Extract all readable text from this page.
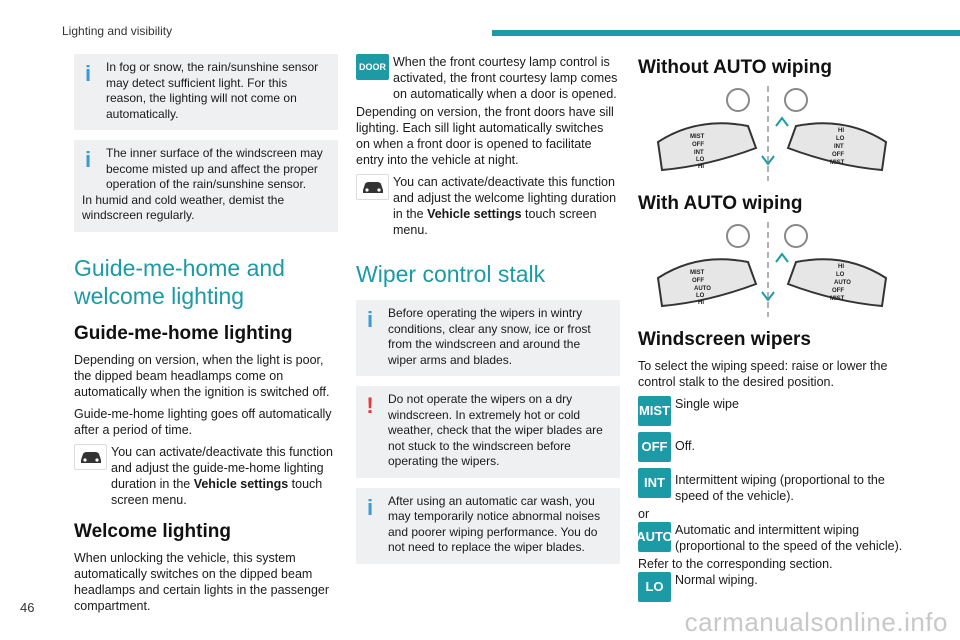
Lighting and visibility
46	carmanualsonline.info
i	In fog or snow, the rain/sunshine sensor may detect sufficient light. For this reason, the lighting will not come on automatically.
i	The inner surface of the windscreen may become misted up and affect the proper operation of the rain/sunshine sensor.
In humid and cold weather, demist the windscreen regularly.
Guide-me-home and welcome lighting
Guide-me-home lighting

Depending on version, when the light is poor, the dipped beam headlamps come on automatically when the ignition is switched off.

Guide-me-home lighting goes off automatically after a period of time.

You can activate/deactivate this function and adjust the guide-me-home lighting duration in the Vehicle settings touch screen menu.
Welcome lighting

When unlocking the vehicle, this system automatically switches on the dipped beam headlamps and certain lights in the passenger compartment.

DOOR When the front courtesy lamp control is activated, the front courtesy lamp comes on automatically when a door is opened.

Depending on version, the front doors have sill lighting. Each sill light automatically switches on when a front door is opened to facilitate entry into the vehicle at night.

You can activate/deactivate this function and adjust the welcome lighting duration in the Vehicle settings touch screen menu.
Wiper control stalk
i	Before operating the wipers in wintry conditions, clear any snow, ice or frost from the windscreen and around the wiper arms and blades.
!	Do not operate the wipers on a dry windscreen. In extremely hot or cold weather, check that the wiper blades are not stuck to the windscreen before operating the wipers.
i	After using an automatic car wash, you may temporarily notice abnormal noises and poorer wiping performance. You do not need to replace the wiper blades.
Without AUTO wiping
MIST
OFF
INT
LO
HI
HI
LO
INT
OFF
MIST
With AUTO wiping
MIST
OFF
AUTO
LO
HI
HI
LO
AUTO
OFF
MIST
Windscreen wipers

To select the wiping speed: raise or lower the control stalk to the desired position.

MIST Single wipe
OFF Off.
INT Intermittent wiping (proportional to the speed of the vehicle).

or

AUTO Automatic and intermittent wiping (proportional to the speed of the vehicle).

Refer to the corresponding section.

LO Normal wiping.
